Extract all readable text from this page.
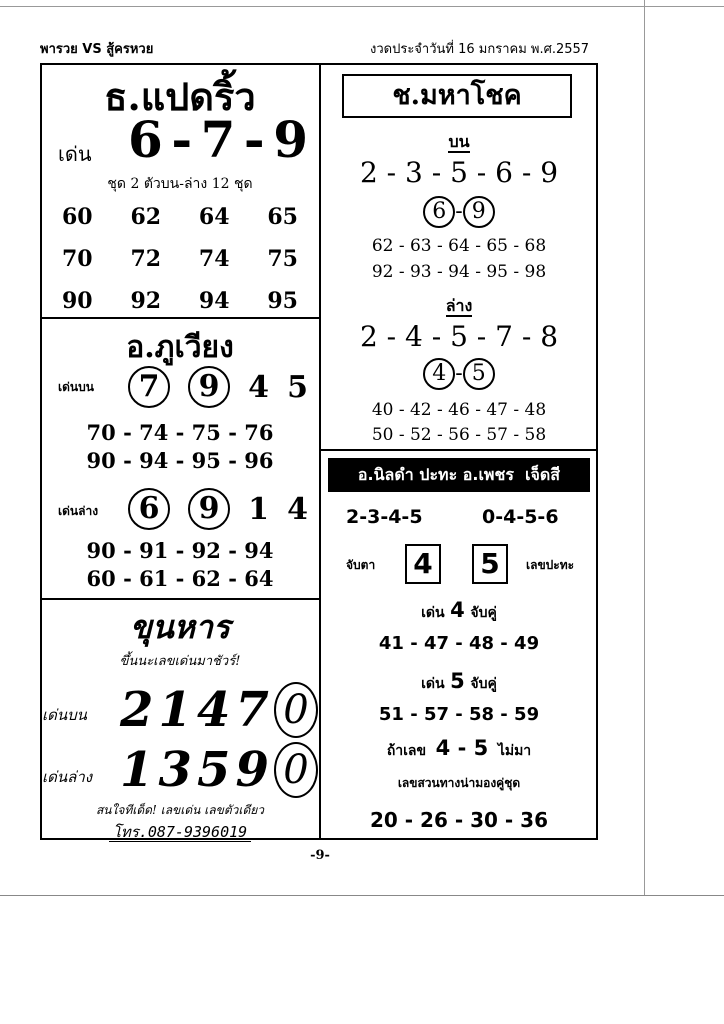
พารวย VS สู้ครหวย	งวดประจำวันที่ 16 มกราคม พ.ศ.2557
ธ.แปดริ้ว
เด่น 6 - 7 - 9
ชุด 2 ตัวบน-ล่าง 12 ชุด
60 62 64 65
70 72 74 75
90 92 94 95
อ.ภูเวียง
เด่นบน	7	9 4 5
70 - 74 - 75 - 76
90 - 94 - 95 - 96
เด่นล่าง	6	9 1 4
90 - 91 - 92 - 94
60 - 61 - 62 - 64
ขุนหาร
ขึ้นนะเลขเด่นมาชัวร์!
เด่นบน 2 1 4 7 0
เด่นล่าง 1 3 5 9 0
สนใจทีเด็ด! เลขเด่น เลขตัวเดียว
โทร.087-9396019
ช.มหาโชค
บน
2 - 3 - 5 - 6 - 9
6 - 9
62 - 63 - 64 - 65 - 68
92 - 93 - 94 - 95 - 98
ล่าง
2 - 4 - 5 - 7 - 8
4 - 5
40 - 42 - 46 - 47 - 48
50 - 52 - 56 - 57 - 58
อ.นิลดำ ปะทะ อ.เพชร  เจ็ดสี
2-3-4-5	0-4-5-6
จับตา 4 5	เลขปะทะ
เด่น 4 จับคู่
41 - 47 - 48 - 49
เด่น 5 จับคู่
51 - 57 - 58 - 59
ถ้าเลข 4 - 5 ไม่มา
เลขสวนทางน่ามองคู่ชุด
20 - 26 - 30 - 36
-9-
